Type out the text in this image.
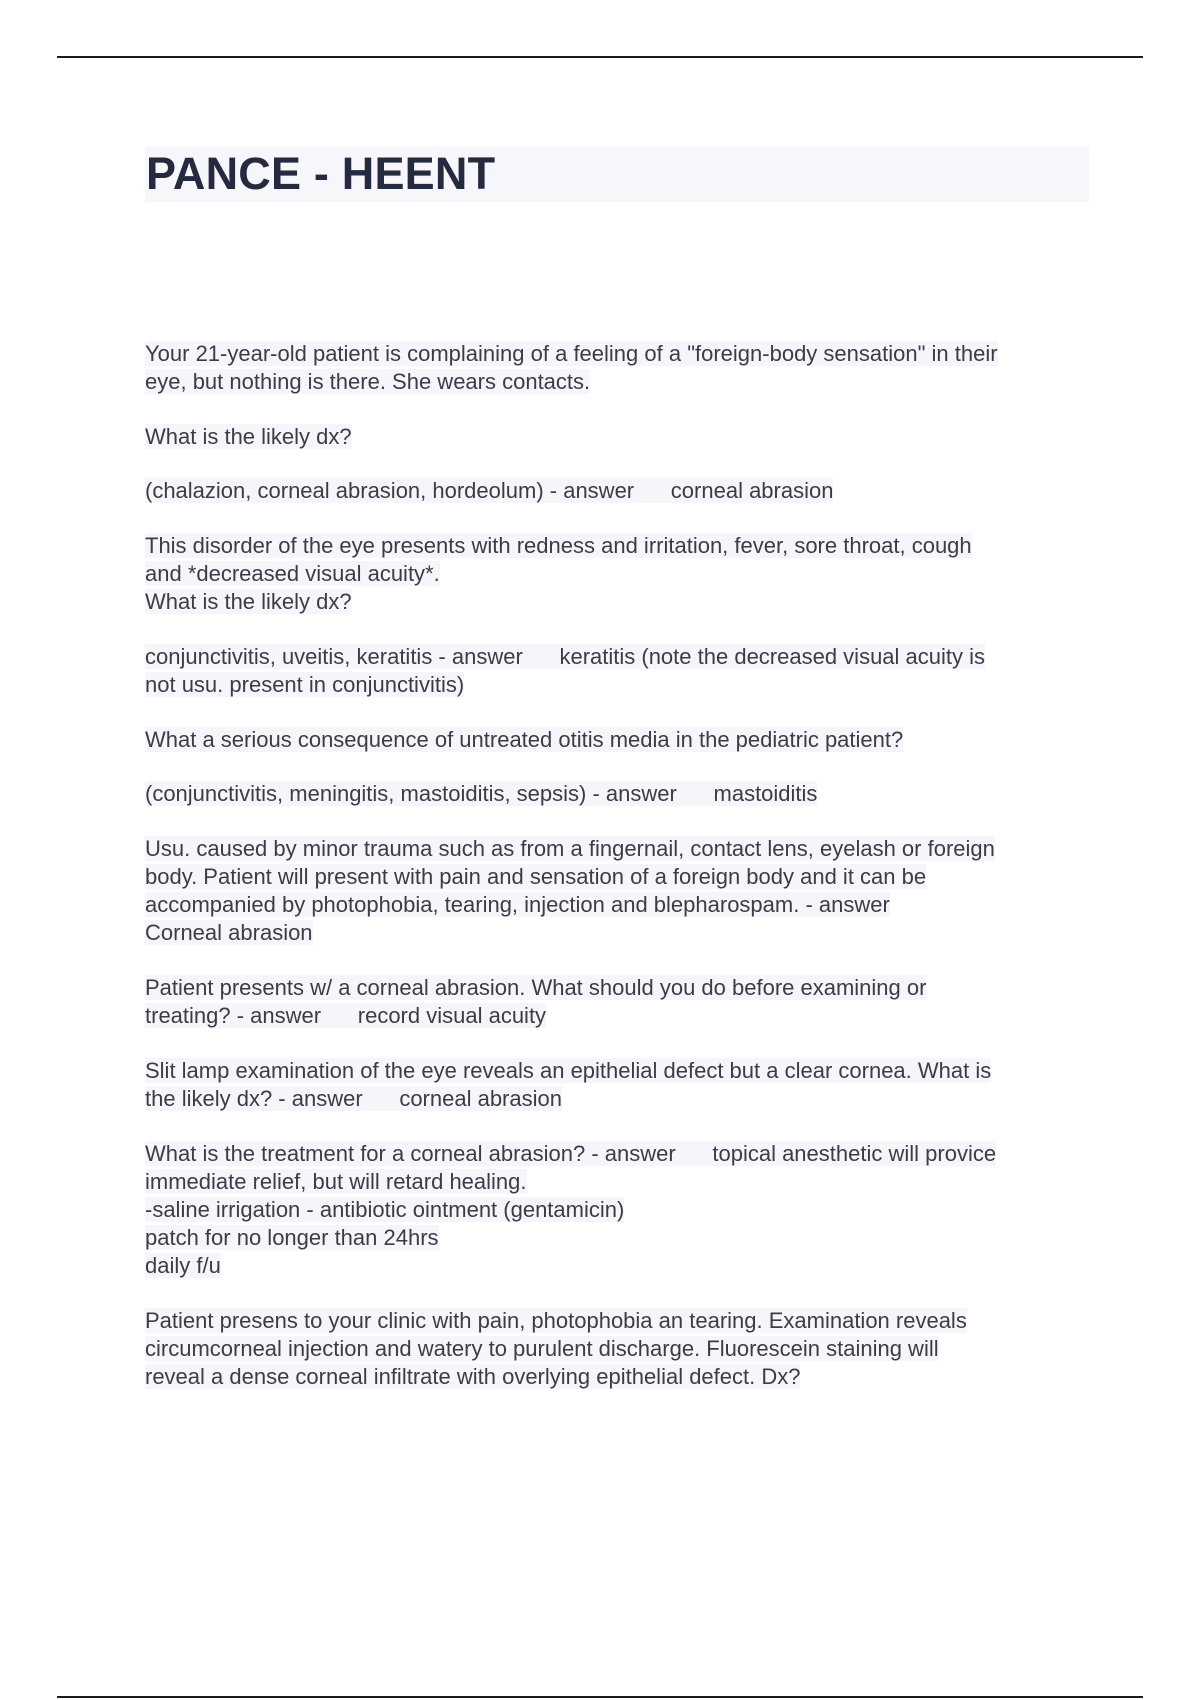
PANCE - HEENT

Your 21-year-old patient is complaining of a feeling of a "foreign-body sensation" in their
eye, but nothing is there. She wears contacts.

What is the likely dx?

(chalazion, corneal abrasion, hordeolum) - answer      corneal abrasion

This disorder of the eye presents with redness and irritation, fever, sore throat, cough
and *decreased visual acuity*.
What is the likely dx?

conjunctivitis, uveitis, keratitis - answer      keratitis (note the decreased visual acuity is
not usu. present in conjunctivitis)

What a serious consequence of untreated otitis media in the pediatric patient?

(conjunctivitis, meningitis, mastoiditis, sepsis) - answer      mastoiditis

Usu. caused by minor trauma such as from a fingernail, contact lens, eyelash or foreign
body. Patient will present with pain and sensation of a foreign body and it can be
accompanied by photophobia, tearing, injection and blepharospam. - answer
Corneal abrasion

Patient presents w/ a corneal abrasion. What should you do before examining or
treating? - answer      record visual acuity

Slit lamp examination of the eye reveals an epithelial defect but a clear cornea. What is
the likely dx? - answer      corneal abrasion

What is the treatment for a corneal abrasion? - answer      topical anesthetic will provice
immediate relief, but will retard healing.
-saline irrigation - antibiotic ointment (gentamicin)
patch for no longer than 24hrs
daily f/u

Patient presens to your clinic with pain, photophobia an tearing. Examination reveals
circumcorneal injection and watery to purulent discharge. Fluorescein staining will
reveal a dense corneal infiltrate with overlying epithelial defect. Dx?
